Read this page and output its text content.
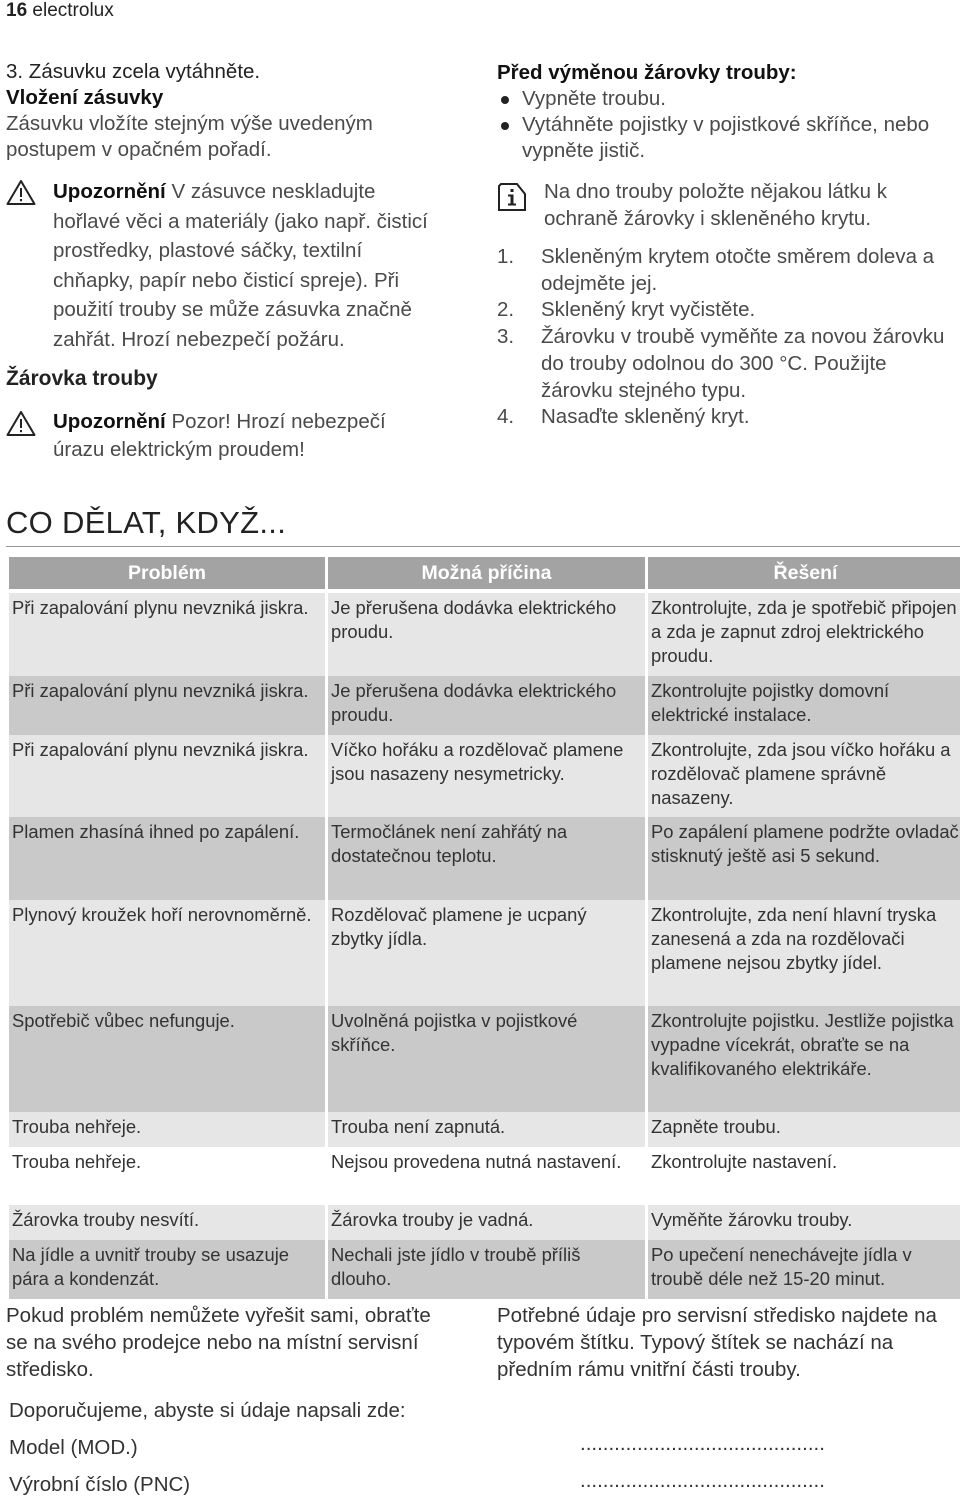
16 electrolux
3. Zásuvku zcela vytáhněte.
Vložení zásuvky
Zásuvku vložíte stejným výše uvedeným postupem v opačném pořadí.
Upozornění V zásuvce neskladujte hořlavé věci a materiály (jako např. čisticí prostředky, plastové sáčky, textilní chňapky, papír nebo čisticí spreje). Při použití trouby se může zásuvka značně zahřát. Hrozí nebezpečí požáru.
Žárovka trouby
Upozornění Pozor! Hrozí nebezpečí úrazu elektrickým proudem!
Před výměnou žárovky trouby:
Vypněte troubu.
Vytáhněte pojistky v pojistkové skříňce, nebo vypněte jistič.
Na dno trouby položte nějakou látku k ochraně žárovky i skleněného krytu.
1. Skleněným krytem otočte směrem doleva a odejměte jej.
2. Skleněný kryt vyčistěte.
3. Žárovku v troubě vyměňte za novou žárovku do trouby odolnou do 300 °C. Použijte žárovku stejného typu.
4. Nasaďte skleněný kryt.
CO DĚLAT, KDYŽ...
Problém	Možná příčina	Řešení

Při zapalování plynu nevzniká jiskra.	Je přerušena dodávka elektrického proudu.	Zkontrolujte, zda je spotřebič připojen a zda je zapnut zdroj elektrického proudu.
Při zapalování plynu nevzniká jiskra.	Je přerušena dodávka elektrického proudu.	Zkontrolujte pojistky domovní elektrické instalace.
Při zapalování plynu nevzniká jiskra.	Víčko hořáku a rozdělovač plamene jsou nasazeny nesymetricky.	Zkontrolujte, zda jsou víčko hořáku a rozdělovač plamene správně nasazeny.
Plamen zhasíná ihned po zapálení.	Termočlánek není zahřátý na dostatečnou teplotu.	Po zapálení plamene podržte ovladač stisknutý ještě asi 5 sekund.
Plynový kroužek hoří nerovnoměrně.	Rozdělovač plamene je ucpaný zbytky jídla.	Zkontrolujte, zda není hlavní tryska zanesená a zda na rozdělovači plamene nejsou zbytky jídel.
Spotřebič vůbec nefunguje.	Uvolněná pojistka v pojistkové skříňce.	Zkontrolujte pojistku. Jestliže pojistka vypadne vícekrát, obraťte se na kvalifikovaného elektrikáře.
Trouba nehřeje.	Trouba není zapnutá.	Zapněte troubu.
Trouba nehřeje.	Nejsou provedena nutná nastavení.	Zkontrolujte nastavení.
Žárovka trouby nesvítí.	Žárovka trouby je vadná.	Vyměňte žárovku trouby.
Na jídle a uvnitř trouby se usazuje pára a kondenzát.	Nechali jste jídlo v troubě příliš dlouho.	Po upečení nenechávejte jídla v troubě déle než 15-20 minut.
Pokud problém nemůžete vyřešit sami, obraťte se na svého prodejce nebo na místní servisní středisko.
Potřebné údaje pro servisní středisko najdete na typovém štítku. Typový štítek se nachází na předním rámu vnitřní části trouby.
Doporučujeme, abyste si údaje napsali zde:
Model (MOD.)	...........................................
Výrobní číslo (PNC)	...........................................
